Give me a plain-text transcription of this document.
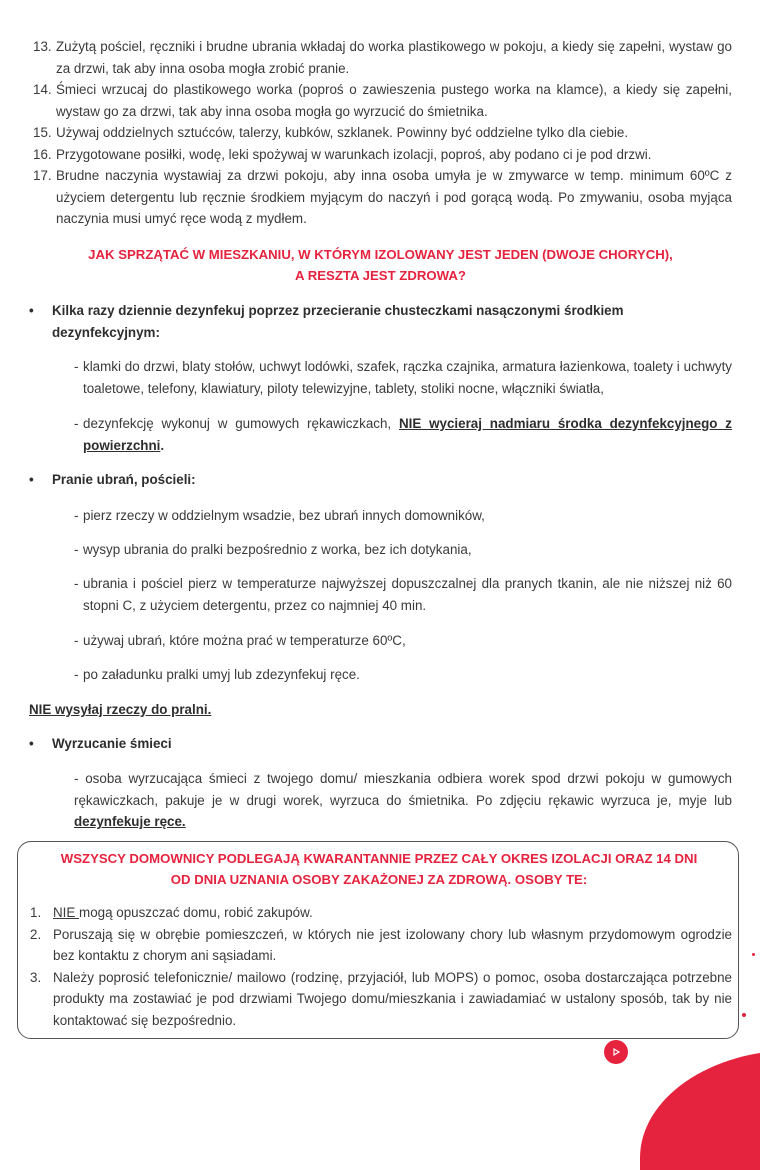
13. Zużytą pościel, ręczniki i brudne ubrania wkładaj do worka plastikowego w pokoju, a kiedy się zapełni, wystaw go za drzwi, tak aby inna osoba mogła zrobić pranie.
14. Śmieci wrzucaj do plastikowego worka (poproś o zawieszenia pustego worka na klamce), a kiedy się zapełni, wystaw go za drzwi, tak aby inna osoba mogła go wyrzucić do śmietnika.
15. Używaj oddzielnych sztućców, talerzy, kubków, szklanek. Powinny być oddzielne tylko dla ciebie.
16. Przygotowane posiłki, wodę, leki spożywaj w warunkach izolacji, poproś, aby podano ci je pod drzwi.
17. Brudne naczynia wystawiaj za drzwi pokoju, aby inna osoba umyła je w zmywarce w temp. minimum 60ºC z użyciem detergentu lub ręcznie środkiem myjącym do naczyń i pod gorącą wodą. Po zmywaniu, osoba myjąca naczynia musi umyć ręce wodą z mydłem.
JAK SPRZĄTAĆ W MIESZKANIU, W KTÓRYM IZOLOWANY JEST JEDEN (DWOJE CHORYCH),
A RESZTA JEST ZDROWA?
•	Kilka razy dziennie dezynfekuj poprzez przecieranie chusteczkami nasączonymi środkiem dezynfekcyjnym:
- klamki do drzwi, blaty stołów, uchwyt lodówki, szafek, rączka czajnika, armatura łazienkowa, toalety i uchwyty toaletowe, telefony, klawiatury, piloty telewizyjne, tablety, stoliki nocne, włączniki światła,
- dezynfekcję wykonuj w gumowych rękawiczkach, NIE wycieraj nadmiaru środka dezynfekcyjnego z powierzchni.
•	Pranie ubrań, pościeli:
- pierz rzeczy w oddzielnym wsadzie, bez ubrań innych domowników,
- wysyp ubrania do pralki bezpośrednio z worka, bez ich dotykania,
- ubrania i pościel pierz w temperaturze najwyższej dopuszczalnej dla pranych tkanin, ale nie niższej niż 60 stopni C, z użyciem detergentu, przez co najmniej 40 min.
- używaj ubrań, które można prać w temperaturze 60ºC,
- po załadunku pralki umyj lub zdezynfekuj ręce.
NIE wysyłaj rzeczy do pralni.
•	Wyrzucanie śmieci
- osoba wyrzucająca śmieci z twojego domu/ mieszkania odbiera worek spod drzwi pokoju w gumowych rękawiczkach, pakuje je w drugi worek, wyrzuca do śmietnika. Po zdjęciu rękawic wyrzuca je, myje lub dezynfekuje ręce.
WSZYSCY DOMOWNICY PODLEGAJĄ KWARANTANNIE PRZEZ CAŁY OKRES IZOLACJI ORAZ 14 DNI
OD DNIA UZNANIA OSOBY ZAKAŻONEJ ZA ZDROWĄ. OSOBY TE:
1. NIE mogą opuszczać domu, robić zakupów.
2. Poruszają się w obrębie pomieszczeń, w których nie jest izolowany chory lub własnym przydomowym ogrodzie bez kontaktu z chorym ani sąsiadami.
3. Należy poprosić telefonicznie/ mailowo (rodzinę, przyjaciół, lub MOPS) o pomoc, osoba dostarczająca potrzebne produkty ma zostawiać je pod drzwiami Twojego domu/mieszkania i zawiadamiać w ustalony sposób, tak by nie kontaktować się bezpośrednio.
